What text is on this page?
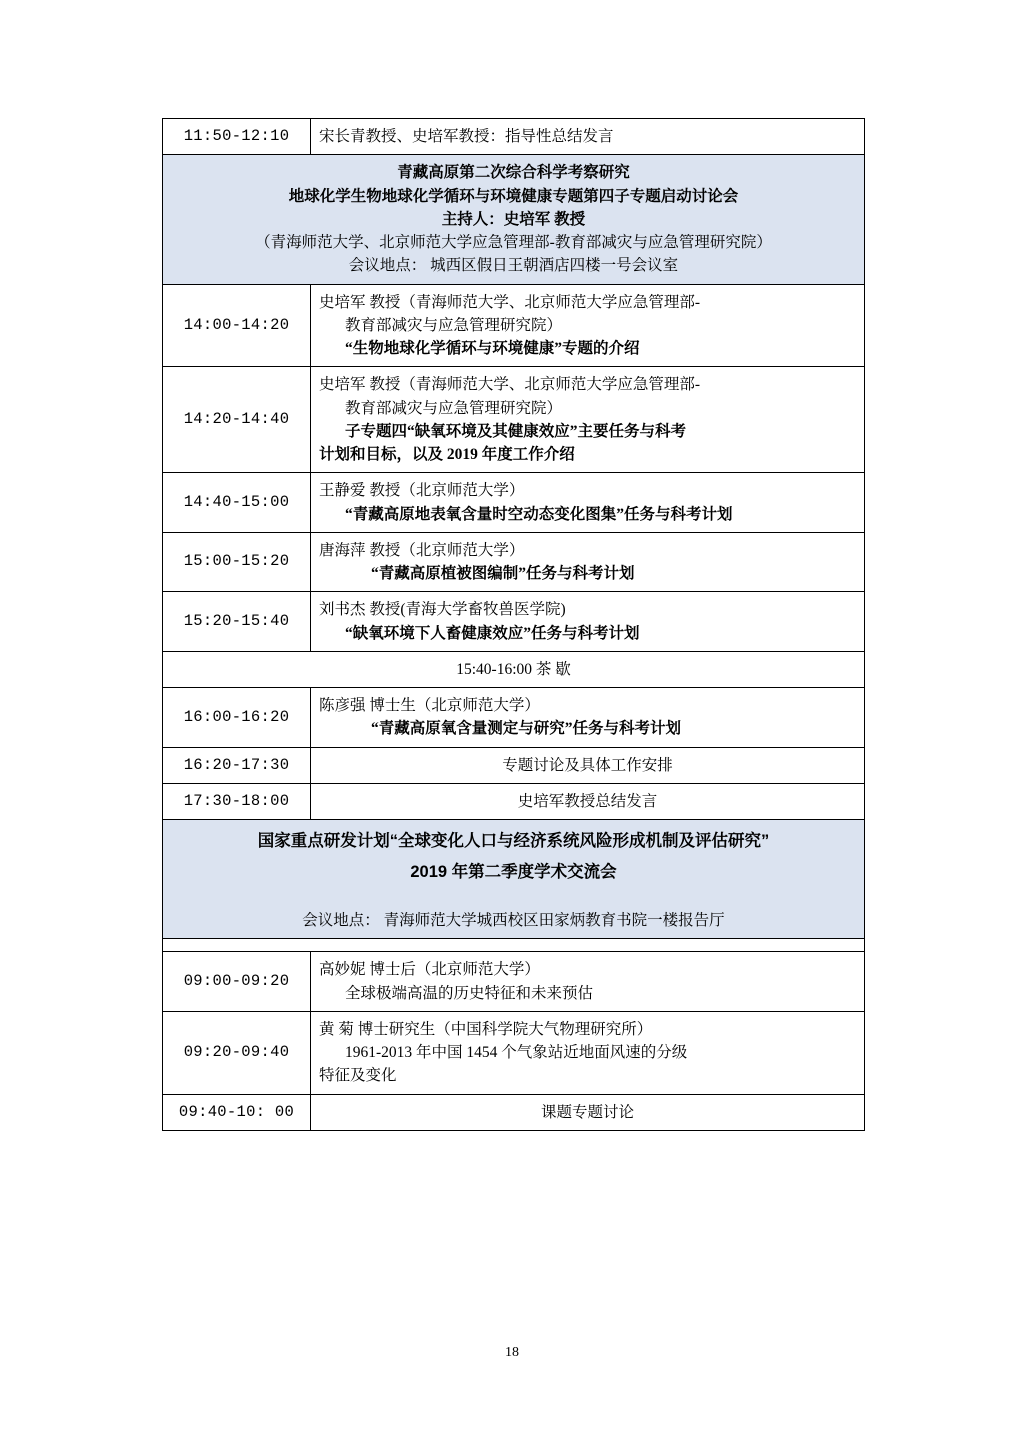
11:50-12:10	宋长青教授、史培军教授：指导性总结发言

青藏高原第二次综合科学考察研究
地球化学生物地球化学循环与环境健康专题第四子专题启动讨论会
主持人：史培军 教授
（青海师范大学、北京师范大学应急管理部-教育部减灾与应急管理研究院）
会议地点： 城西区假日王朝酒店四楼一号会议室	

14:00-14:20	史培军 教授（青海师范大学、北京师范大学应急管理部-
教育部减灾与应急管理研究院）
“生物地球化学循环与环境健康”专题的介绍

14:20-14:40	史培军 教授（青海师范大学、北京师范大学应急管理部-
教育部减灾与应急管理研究院）
子专题四“缺氧环境及其健康效应”主要任务与科考
计划和目标，以及 2019 年度工作介绍
14:40-15:00	王静爱 教授（北京师范大学）
“青藏高原地表氧含量时空动态变化图集”任务与科考计划

15:00-15:20	唐海萍 教授（北京师范大学）
“青藏高原植被图编制”任务与科考计划

15:20-15:40	刘书杰 教授(青海大学畜牧兽医学院)
“缺氧环境下人畜健康效应”任务与科考计划

15:40-16:00 茶 歇	
16:00-16:20	陈彦强 博士生（北京师范大学）
“青藏高原氧含量测定与研究”任务与科考计划

16:20-17:30	专题讨论及具体工作安排
17:30-18:00	史培军教授总结发言

国家重点研发计划“全球变化人口与经济系统风险形成机制及评估研究”
2019 年第二季度学术交流会
会议地点： 青海师范大学城西校区田家炳教育书院一楼报告厅	

09:00-09:20	高妙妮 博士后（北京师范大学）
全球极端高温的历史特征和未来预估

09:20-09:40	黄 菊 博士研究生（中国科学院大气物理研究所）
1961-2013 年中国 1454 个气象站近地面风速的分级
特征及变化

09:40-10: 00	课题专题讨论
18
